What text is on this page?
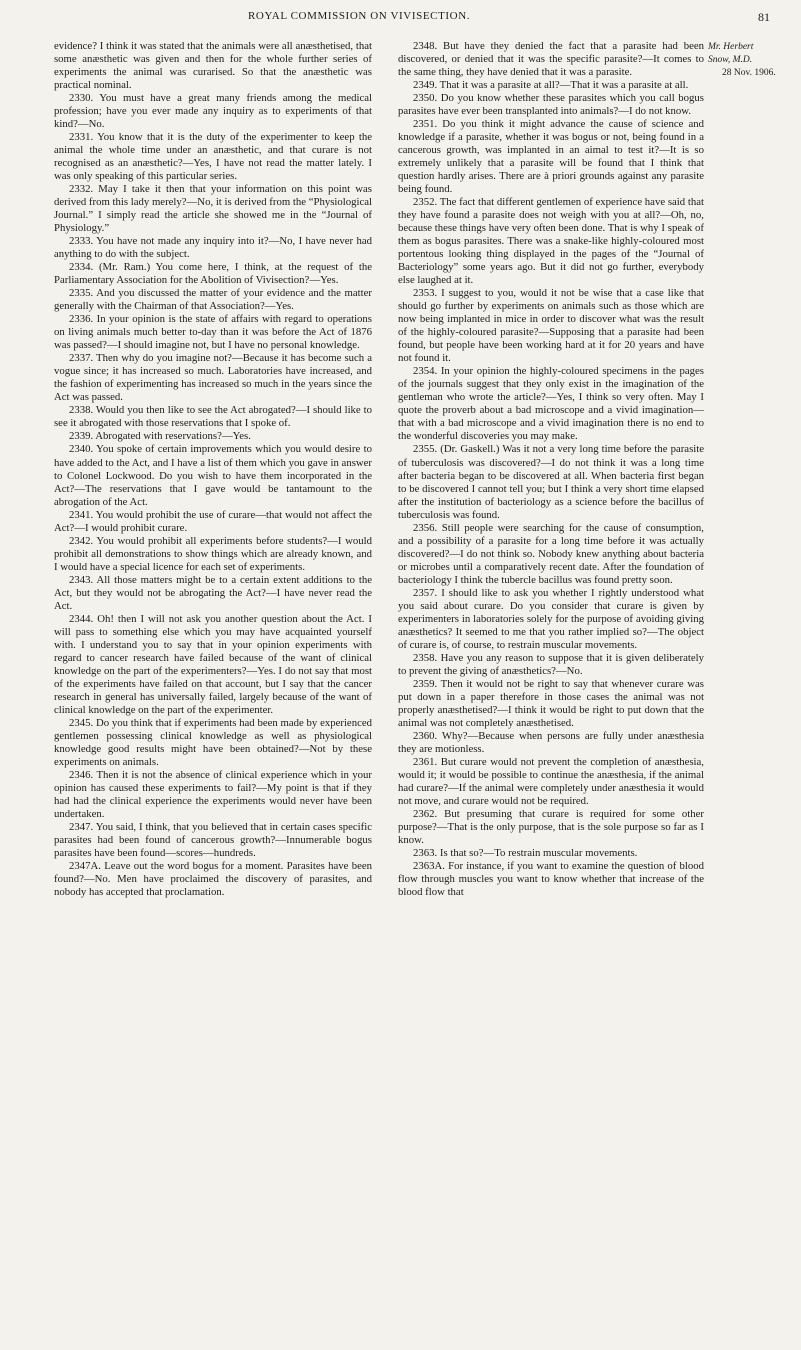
ROYAL COMMISSION ON VIVISECTION.	81

evidence? I think it was stated that the animals were all anæsthetised, that some anæsthetic was given and then for the whole further series of experiments the animal was curarised. So that the anæsthetic was practical nominal.

2330. You must have a great many friends among the medical profession; have you ever made any inquiry as to experiments of that kind?—No.

2331. You know that it is the duty of the experimenter to keep the animal the whole time under an anæsthetic, and that curare is not recognised as an anæsthetic?—Yes, I have not read the matter lately. I was only speaking of this particular series.

2332. May I take it then that your information on this point was derived from this lady merely?—No, it is derived from the “Physiological Journal.” I simply read the article she showed me in the “Journal of Physiology.”

2333. You have not made any inquiry into it?—No, I have never had anything to do with the subject.

2334. (Mr. Ram.) You come here, I think, at the request of the Parliamentary Association for the Abolition of Vivisection?—Yes.

2335. And you discussed the matter of your evidence and the matter generally with the Chairman of that Association?—Yes.

2336. In your opinion is the state of affairs with regard to operations on living animals much better to-day than it was before the Act of 1876 was passed?—I should imagine not, but I have no personal knowledge.

2337. Then why do you imagine not?—Because it has become such a vogue since; it has increased so much. Laboratories have increased, and the fashion of experimenting has increased so much in the years since the Act was passed.

2338. Would you then like to see the Act abrogated?—I should like to see it abrogated with those reservations that I spoke of.

2339. Abrogated with reservations?—Yes.

2340. You spoke of certain improvements which you would desire to have added to the Act, and I have a list of them which you gave in answer to Colonel Lockwood. Do you wish to have them incorporated in the Act?—The reservations that I gave would be tantamount to the abrogation of the Act.

2341. You would prohibit the use of curare—that would not affect the Act?—I would prohibit curare.

2342. You would prohibit all experiments before students?—I would prohibit all demonstrations to show things which are already known, and I would have a special licence for each set of experiments.

2343. All those matters might be to a certain extent additions to the Act, but they would not be abrogating the Act?—I have never read the Act.

2344. Oh! then I will not ask you another question about the Act. I will pass to something else which you may have acquainted yourself with. I understand you to say that in your opinion experiments with regard to cancer research have failed because of the want of clinical knowledge on the part of the experimenters?—Yes. I do not say that most of the experiments have failed on that account, but I say that the cancer research in general has universally failed, largely because of the want of clinical knowledge on the part of the experimenter.

2345. Do you think that if experiments had been made by experienced gentlemen possessing clinical knowledge as well as physiological knowledge good results might have been obtained?—Not by these experiments on animals.

2346. Then it is not the absence of clinical experience which in your opinion has caused these experiments to fail?—My point is that if they had had the clinical experience the experiments would never have been undertaken.

2347. You said, I think, that you believed that in certain cases specific parasites had been found of cancerous growth?—Innumerable bogus parasites have been found—scores—hundreds.

2347A. Leave out the word bogus for a moment. Parasites have been found?—No. Men have proclaimed the discovery of parasites, and nobody has accepted that proclamation.

2348. But have they denied the fact that a parasite had been discovered, or denied that it was the specific parasite?—It comes to the same thing, they have denied that it was a parasite.

2349. That it was a parasite at all?—That it was a parasite at all.

2350. Do you know whether these parasites which you call bogus parasites have ever been transplanted into animals?—I do not know.

2351. Do you think it might advance the cause of science and knowledge if a parasite, whether it was bogus or not, being found in a cancerous growth, was implanted in an aimal to test it?—It is so extremely unlikely that a parasite will be found that I think that question hardly arises. There are à priori grounds against any parasite being found.

2352. The fact that different gentlemen of experience have said that they have found a parasite does not weigh with you at all?—Oh, no, because these things have very often been done. That is why I speak of them as bogus parasites. There was a snake-like highly-coloured most portentous looking thing displayed in the pages of the “Journal of Bacteriology” some years ago. But it did not go further, everybody else laughed at it.

2353. I suggest to you, would it not be wise that a case like that should go further by experiments on animals such as those which are now being implanted in mice in order to discover what was the result of the highly-coloured parasite?—Supposing that a parasite had been found, but people have been working hard at it for 20 years and have not found it.

2354. In your opinion the highly-coloured specimens in the pages of the journals suggest that they only exist in the imagination of the gentleman who wrote the article?—Yes, I think so very often. May I quote the proverb about a bad microscope and a vivid imagination—that with a bad microscope and a vivid imagination there is no end to the wonderful discoveries you may make.

2355. (Dr. Gaskell.) Was it not a very long time before the parasite of tuberculosis was discovered?—I do not think it was a long time after bacteria began to be discovered at all. When bacteria first began to be discovered I cannot tell you; but I think a very short time elapsed after the institution of bacteriology as a science before the bacillus of tuberculosis was found.

2356. Still people were searching for the cause of consumption, and a possibility of a parasite for a long time before it was actually discovered?—I do not think so. Nobody knew anything about bacteria or microbes until a comparatively recent date. After the foundation of bacteriology I think the tubercle bacillus was found pretty soon.

2357. I should like to ask you whether I rightly understood what you said about curare. Do you consider that curare is given by experimenters in laboratories solely for the purpose of avoiding giving anæsthetics? It seemed to me that you rather implied so?—The object of curare is, of course, to restrain muscular movements.

2358. Have you any reason to suppose that it is given deliberately to prevent the giving of anæsthetics?—No.

2359. Then it would not be right to say that whenever curare was put down in a paper therefore in those cases the animal was not properly anæsthetised?—I think it would be right to put down that the animal was not completely anæsthetised.

2360. Why?—Because when persons are fully under anæsthesia they are motionless.

2361. But curare would not prevent the completion of anæsthesia, would it; it would be possible to continue the anæsthesia, if the animal had curare?—If the animal were completely under anæsthesia it would not move, and curare would not be required.

2362. But presuming that curare is required for some other purpose?—That is the only purpose, that is the sole purpose so far as I know.

2363. Is that so?—To restrain muscular movements.

2363A. For instance, if you want to examine the question of blood flow through muscles you want to know whether that increase of the blood flow that

Mr. Herbert
Snow, M.D.
28 Nov. 1906.
